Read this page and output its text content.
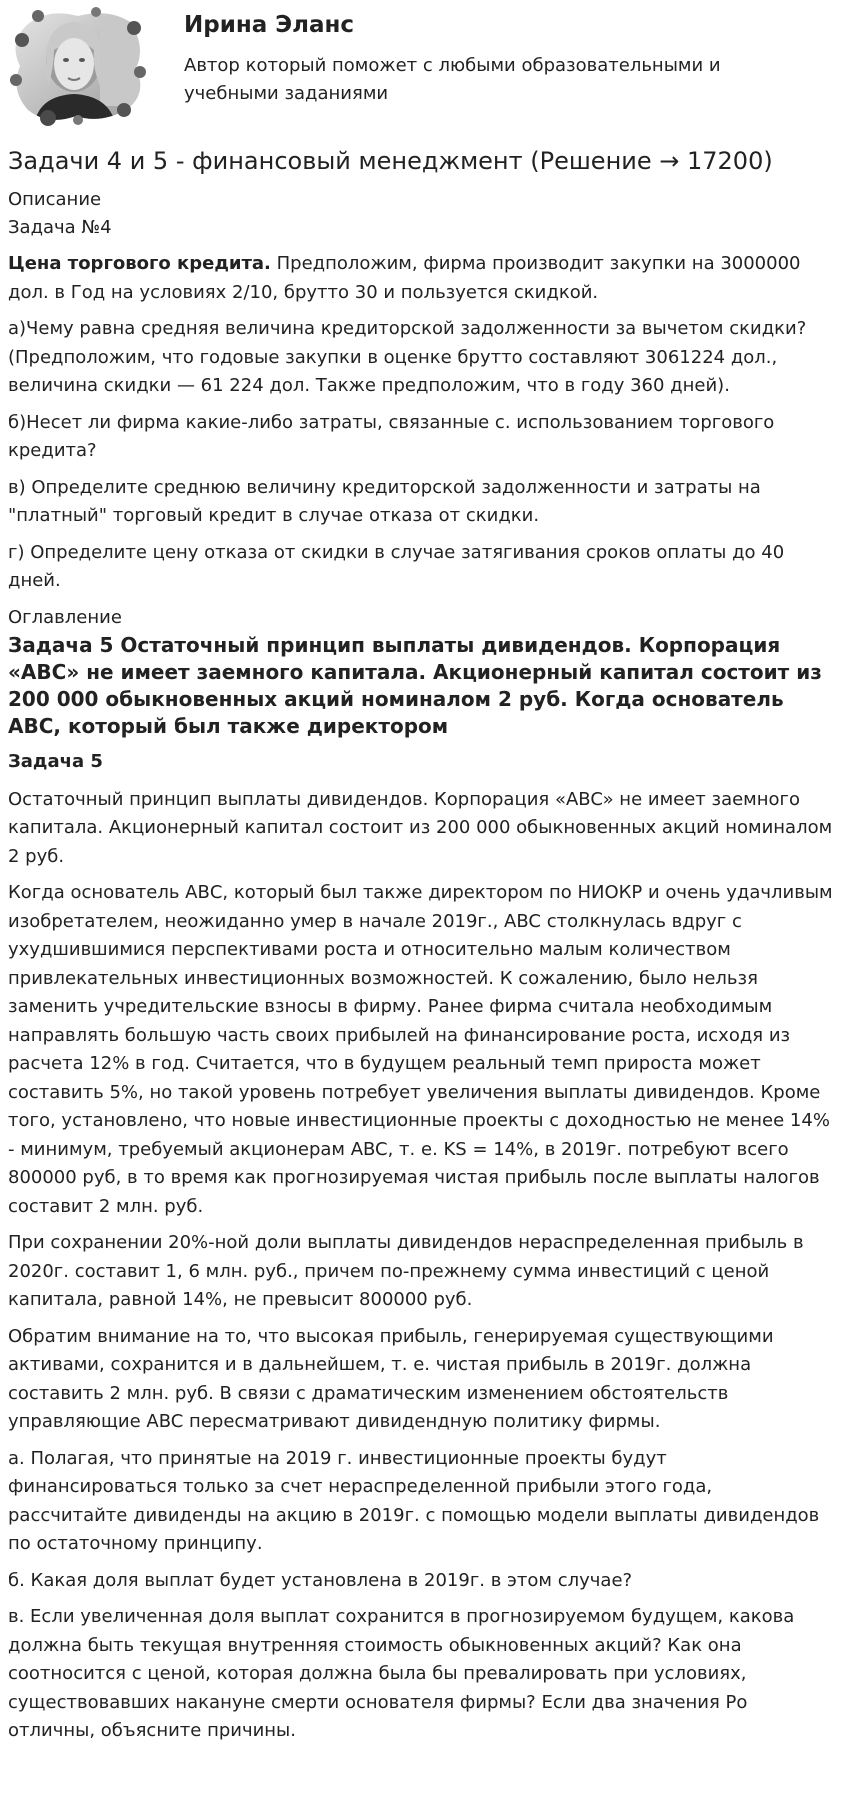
Ирина Эланс
Автор который поможет с любыми образовательными и учебными заданиями
Задачи 4 и 5 - финансовый менеджмент (Решение → 17200)
Описание
Задача №4

Цена торгового кредита. Предположим, фирма производит закупки на 3000000 дол. в Год на условиях 2/10, брутто 30 и пользуется скидкой.

а)Чему равна средняя величина кредиторской задолженности за вычетом скидки? (Предположим, что годовые закупки в оценке брутто составляют 3061224 дол., величина скидки — 61 224 дол. Также предположим, что в году 360 дней).

б)Несет ли фирма какие-либо затраты, связанные с. использованием торгового кредита?

в) Определите среднюю величину кредиторской задолженности и затраты на "платный" торговый кредит в случае отказа от скидки.

г) Определите цену отказа от скидки в случае затягивания сроков оплаты до 40 дней.

Оглавление
Задача 5 Остаточный принцип выплаты дивидендов. Корпорация «ABC» не имеет заемного капитала. Акционерный капитал состоит из 200 000 обыкновенных акций номиналом 2 руб. Когда основатель АВС, который был также директором
Задача 5

Остаточный принцип выплаты дивидендов. Корпорация «ABC» не имеет заемного капитала. Акционерный капитал состоит из 200 000 обыкновенных акций номиналом 2 руб.

Когда основатель АВС, который был также директором по НИОКР и очень удачливым изобретателем, неожиданно умер в начале 2019г., ABC столкнулась вдруг с ухудшившимися перспективами роста и относительно малым количеством привлекательных инвестиционных возможностей. К сожалению, было нельзя заменить учредительские взносы в фирму. Ранее фирма считала необходимым направлять большую часть своих прибылей на финансирование роста, исходя из расчета 12% в год. Считается, что в будущем реальный темп прироста может составить 5%, но такой уровень потребует увеличения выплаты дивидендов. Кроме того, установлено, что новые инвестиционные проекты с доходностью не менее 14% - минимум, требуемый акционерам ABC, т. е. KS = 14%, в 2019г. потребуют всего 800000 руб, в то время как прогнозируемая чистая прибыль после выплаты налогов составит 2 млн. руб.

При сохранении 20%-ной доли выплаты дивидендов нераспределенная прибыль в 2020г. составит 1, 6 млн. руб., причем по-прежнему сумма инвестиций с ценой капитала, равной 14%, не превысит 800000 руб.

Обратим внимание на то, что высокая прибыль, генерируемая существующими активами, сохранится и в дальнейшем, т. е. чистая прибыль в 2019г. должна составить 2 млн. руб. В связи с драматическим изменением обстоятельств управляющие ABC пересматривают дивидендную политику фирмы.

а. Полагая, что принятые на 2019 г. инвестиционные проекты будут финансироваться только за счет нераспределенной прибыли этого года, рассчитайте дивиденды на акцию в 2019г. с помощью модели выплаты дивидендов по остаточному принципу.

б. Какая доля выплат будет установлена в 2019г. в этом случае?

в. Если увеличенная доля выплат сохранится в прогнозируемом будущем, какова должна быть текущая внутренняя стоимость обыкновенных акций? Как она соотносится с ценой, которая должна была бы превалировать при условиях, существовавших накануне смерти основателя фирмы? Если два значения Ро отличны, объясните причины.
